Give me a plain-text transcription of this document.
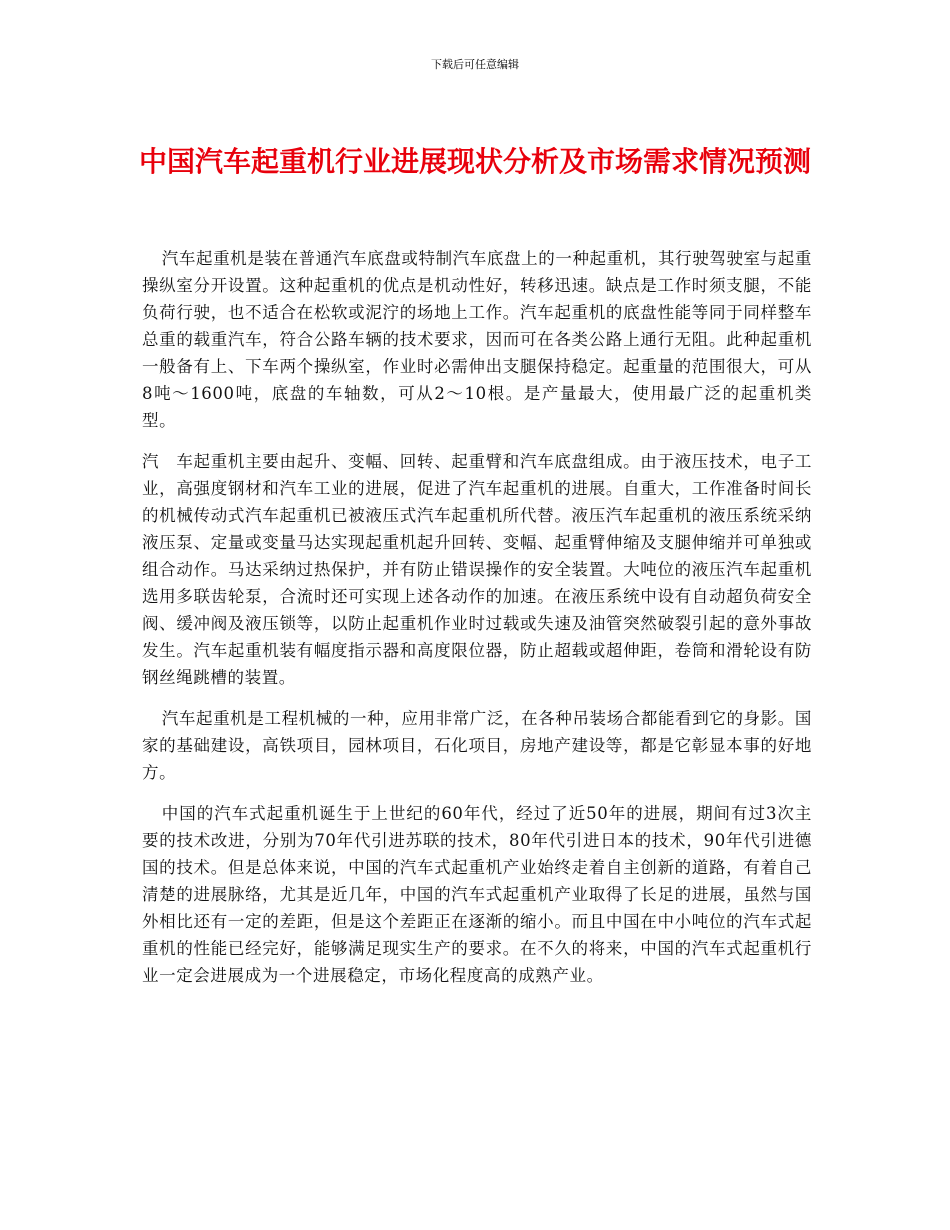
下载后可任意编辑
中国汽车起重机行业进展现状分析及市场需求情况预测

汽车起重机是装在普通汽车底盘或特制汽车底盘上的一种起重机，其行驶驾驶室与起重操纵室分开设置。这种起重机的优点是机动性好，转移迅速。缺点是工作时须支腿，不能负荷行驶，也不适合在松软或泥泞的场地上工作。汽车起重机的底盘性能等同于同样整车总重的载重汽车，符合公路车辆的技术要求，因而可在各类公路上通行无阻。此种起重机一般备有上、下车两个操纵室，作业时必需伸出支腿保持稳定。起重量的范围很大，可从8吨～1600吨，底盘的车轴数，可从2～10根。是产量最大，使用最广泛的起重机类型。

汽　车起重机主要由起升、变幅、回转、起重臂和汽车底盘组成。由于液压技术，电子工业，高强度钢材和汽车工业的进展，促进了汽车起重机的进展。自重大，工作准备时间长的机械传动式汽车起重机已被液压式汽车起重机所代替。液压汽车起重机的液压系统采纳液压泵、定量或变量马达实现起重机起升回转、变幅、起重臂伸缩及支腿伸缩并可单独或组合动作。马达采纳过热保护，并有防止错误操作的安全装置。大吨位的液压汽车起重机选用多联齿轮泵，合流时还可实现上述各动作的加速。在液压系统中设有自动超负荷安全阀、缓冲阀及液压锁等，以防止起重机作业时过载或失速及油管突然破裂引起的意外事故发生。汽车起重机装有幅度指示器和高度限位器，防止超载或超伸距，卷筒和滑轮设有防钢丝绳跳槽的装置。

汽车起重机是工程机械的一种，应用非常广泛，在各种吊装场合都能看到它的身影。国家的基础建设，高铁项目，园林项目，石化项目，房地产建设等，都是它彰显本事的好地方。

中国的汽车式起重机诞生于上世纪的60年代，经过了近50年的进展，期间有过3次主要的技术改进，分别为70年代引进苏联的技术，80年代引进日本的技术，90年代引进德国的技术。但是总体来说，中国的汽车式起重机产业始终走着自主创新的道路，有着自己清楚的进展脉络，尤其是近几年，中国的汽车式起重机产业取得了长足的进展，虽然与国外相比还有一定的差距，但是这个差距正在逐渐的缩小。而且中国在中小吨位的汽车式起重机的性能已经完好，能够满足现实生产的要求。在不久的将来，中国的汽车式起重机行业一定会进展成为一个进展稳定，市场化程度高的成熟产业。
